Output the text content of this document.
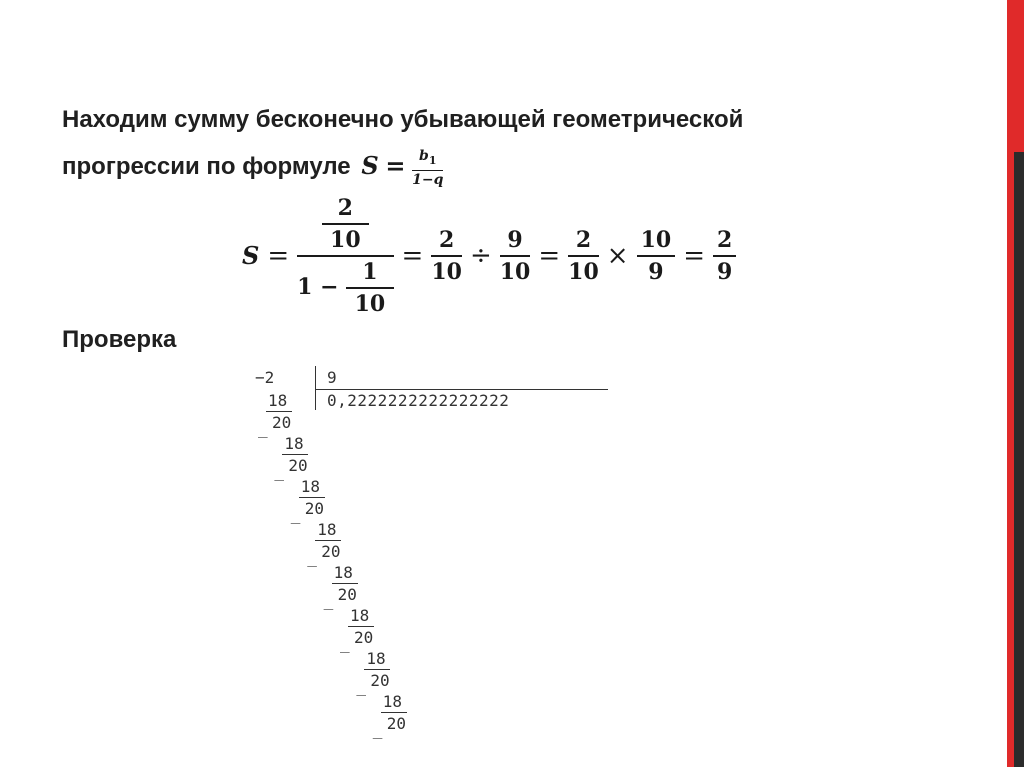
Находим сумму бесконечно убывающей геометрической
прогрессии по формуле $S = \frac{b_1}{1-q}$
$S = \frac{\frac{2}{10}}{1 - \frac{1}{10}} = \frac{2}{10} \div \frac{9}{10} = \frac{2}{10} \times \frac{10}{9} = \frac{2}{9}$
Проверка
−2	9
0,2222222222222222
18
_ 20
18
_ 20
18
_ 20
18
_ 20
18
_ 20
18
_ 20
18
_ 20
18
_ 20
